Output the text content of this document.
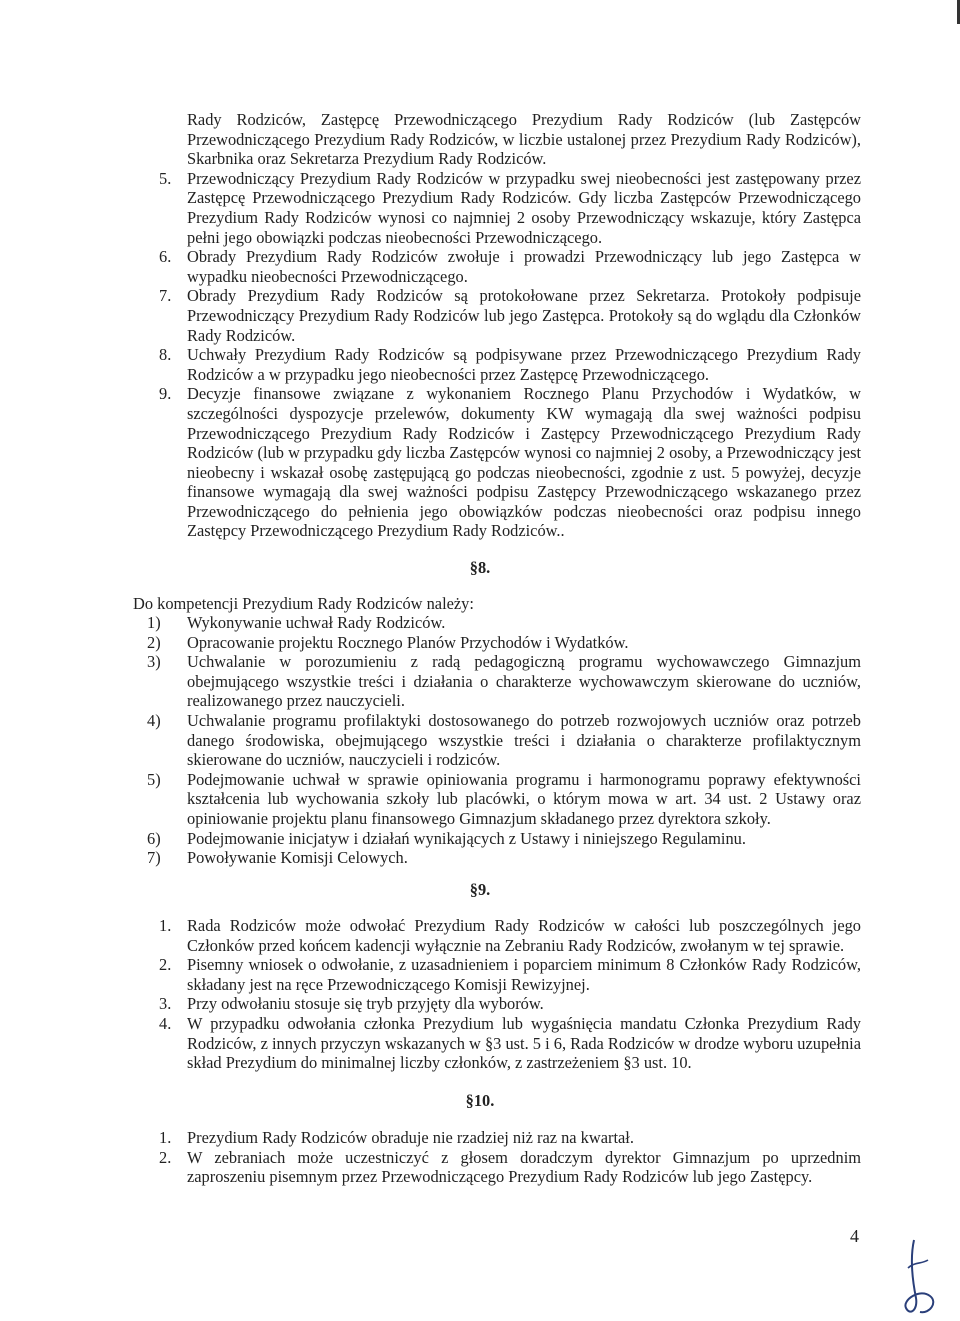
Rady Rodziców, Zastępcę Przewodniczącego Prezydium Rady Rodziców (lub Zastępców Przewodniczącego Prezydium Rady Rodziców, w liczbie ustalonej przez Prezydium Rady Rodziców), Skarbnika oraz Sekretarza Prezydium Rady Rodziców.

5. Przewodniczący Prezydium Rady Rodziców w przypadku swej nieobecności jest zastępowany przez Zastępcę Przewodniczącego Prezydium Rady Rodziców. Gdy liczba Zastępców Przewodniczącego Prezydium Rady Rodziców wynosi co najmniej 2 osoby Przewodniczący wskazuje, który Zastępca pełni jego obowiązki podczas nieobecności Przewodniczącego.
6. Obrady Prezydium Rady Rodziców zwołuje i prowadzi Przewodniczący lub jego Zastępca w wypadku nieobecności Przewodniczącego.
7. Obrady Prezydium Rady Rodziców są protokołowane przez Sekretarza. Protokoły podpisuje Przewodniczący Prezydium Rady Rodziców lub jego Zastępca. Protokoły są do wglądu dla Członków Rady Rodziców.
8. Uchwały Prezydium Rady Rodziców są podpisywane przez Przewodniczącego Prezydium Rady Rodziców a w przypadku jego nieobecności przez Zastępcę Przewodniczącego.
9. Decyzje finansowe związane z wykonaniem Rocznego Planu Przychodów i Wydatków, w szczególności dyspozycje przelewów, dokumenty KW wymagają dla swej ważności podpisu Przewodniczącego Prezydium Rady Rodziców i Zastępcy Przewodniczącego Prezydium Rady Rodziców (lub w przypadku gdy liczba Zastępców wynosi co najmniej 2 osoby, a Przewodniczący jest nieobecny i wskazał osobę zastępującą go podczas nieobecności, zgodnie z ust. 5 powyżej, decyzje finansowe wymagają dla swej ważności podpisu Zastępcy Przewodniczącego wskazanego przez Przewodniczącego do pełnienia jego obowiązków podczas nieobecności oraz podpisu innego Zastępcy Przewodniczącego Prezydium Rady Rodziców..
§8.
Do kompetencji Prezydium Rady Rodziców należy:
1)	Wykonywanie uchwał Rady Rodziców.
2)	Opracowanie projektu Rocznego Planów Przychodów i Wydatków.
3)	Uchwalanie w porozumieniu z radą pedagogiczną programu wychowawczego Gimnazjum obejmującego wszystkie treści i działania o charakterze wychowawczym skierowane do uczniów, realizowanego przez nauczycieli.
4)	Uchwalanie programu profilaktyki dostosowanego do potrzeb rozwojowych uczniów oraz potrzeb danego środowiska, obejmującego wszystkie treści i działania o charakterze profilaktycznym skierowane do uczniów, nauczycieli i rodziców.
5)	Podejmowanie uchwał w sprawie opiniowania programu i harmonogramu poprawy efektywności kształcenia lub wychowania szkoły lub placówki, o którym mowa w art. 34 ust. 2 Ustawy oraz opiniowanie projektu planu finansowego Gimnazjum składanego przez dyrektora szkoły.
6)	Podejmowanie inicjatyw i działań wynikających z Ustawy i niniejszego Regulaminu.
7)	Powoływanie Komisji Celowych.
§9.
1. Rada Rodziców może odwołać Prezydium Rady Rodziców w całości lub poszczególnych jego Członków przed końcem kadencji wyłącznie na Zebraniu Rady Rodziców, zwołanym w tej sprawie.
2. Pisemny wniosek o odwołanie, z uzasadnieniem i poparciem minimum 8 Członków Rady Rodziców, składany jest na ręce Przewodniczącego Komisji Rewizyjnej.
3. Przy odwołaniu stosuje się tryb przyjęty dla wyborów.
4. W przypadku odwołania członka Prezydium lub wygaśnięcia mandatu Członka Prezydium Rady Rodziców, z innych przyczyn wskazanych w §3 ust. 5 i 6, Rada Rodziców w drodze wyboru uzupełnia skład Prezydium do minimalnej liczby członków, z zastrzeżeniem §3 ust. 10.
§10.
1. Prezydium Rady Rodziców obraduje nie rzadziej niż raz na kwartał.
2. W zebraniach może uczestniczyć z głosem doradczym dyrektor Gimnazjum po uprzednim zaproszeniu pisemnym przez Przewodniczącego Prezydium Rady Rodziców lub jego Zastępcy.
4
